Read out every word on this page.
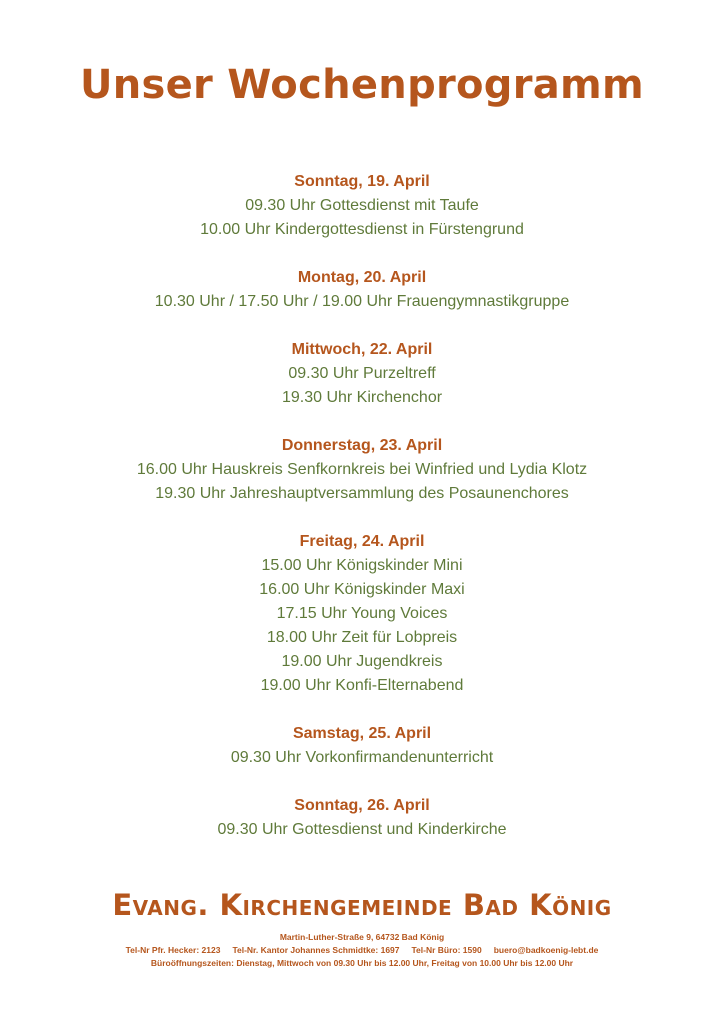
Unser Wochenprogramm
Sonntag, 19. April
09.30 Uhr Gottesdienst mit Taufe
10.00 Uhr Kindergottesdienst in Fürstengrund
Montag, 20. April
10.30 Uhr / 17.50 Uhr / 19.00 Uhr Frauengymnastikgruppe
Mittwoch, 22. April
09.30 Uhr Purzeltreff
19.30 Uhr Kirchenchor
Donnerstag, 23. April
16.00 Uhr Hauskreis Senfkornkreis bei Winfried und Lydia Klotz
19.30 Uhr Jahreshauptversammlung des Posaunenchores
Freitag, 24. April
15.00 Uhr Königskinder Mini
16.00 Uhr Königskinder Maxi
17.15 Uhr Young Voices
18.00 Uhr Zeit für Lobpreis
19.00 Uhr Jugendkreis
19.00 Uhr Konfi-Elternabend
Samstag, 25. April
09.30 Uhr Vorkonfirmandenunterricht
Sonntag, 26. April
09.30 Uhr Gottesdienst und Kinderkirche
Evang. Kirchengemeinde Bad König
Martin-Luther-Straße 9, 64732 Bad König
Tel-Nr Pfr. Hecker: 2123 Tel-Nr. Kantor Johannes Schmidtke: 1697 Tel-Nr Büro: 1590 buero@badkoenig-lebt.de
Büroöffnungszeiten: Dienstag, Mittwoch von 09.30 Uhr bis 12.00 Uhr, Freitag von 10.00 Uhr bis 12.00 Uhr
